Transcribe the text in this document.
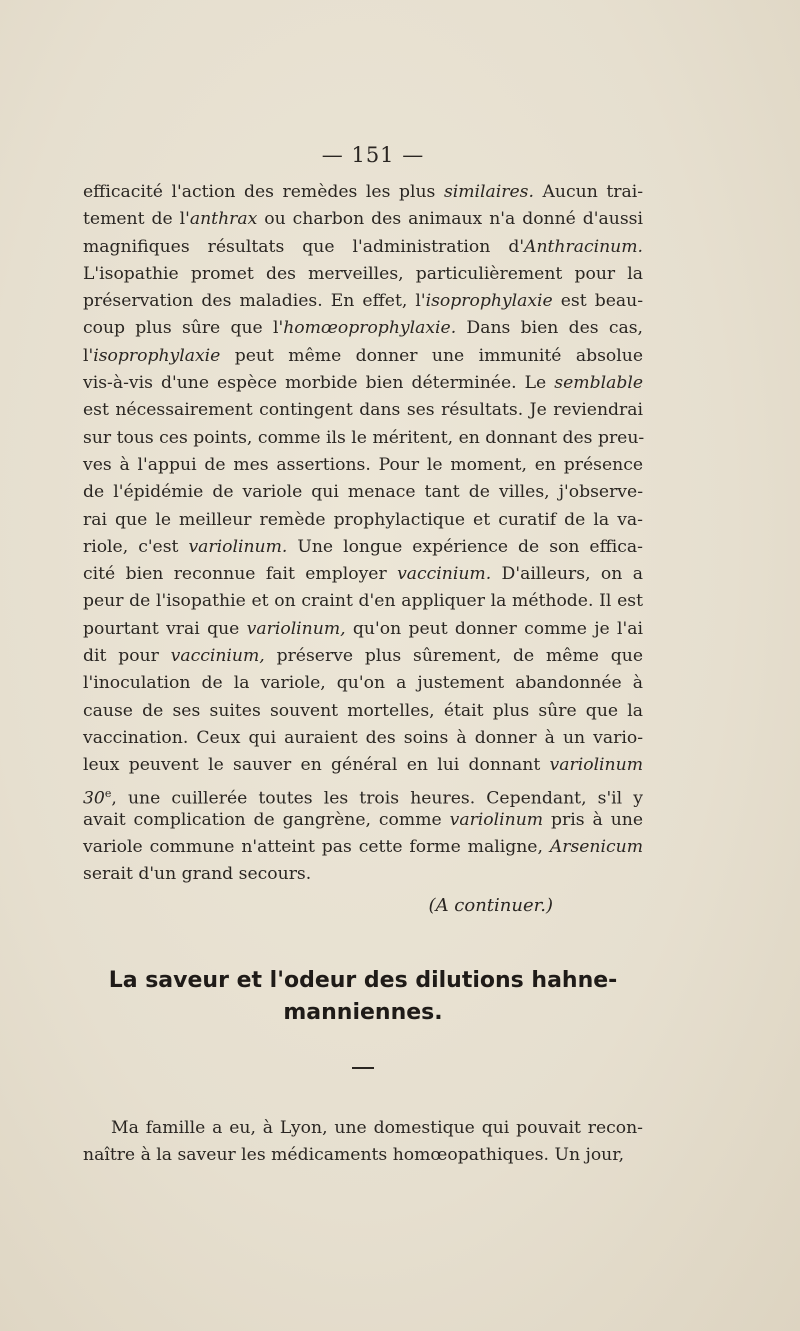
— 151 —
efficacité l'action des remèdes les plus similaires. Aucun trai-
tement de l'anthrax ou charbon des animaux n'a donné d'aussi
magnifiques résultats que l'administration d'Anthracinum.
L'isopathie promet des merveilles, particulièrement pour la
préservation des maladies. En effet, l'isoprophylaxie est beau-
coup plus sûre que l'homœoprophylaxie. Dans bien des cas,
l'isoprophylaxie peut même donner une immunité absolue
vis-à-vis d'une espèce morbide bien déterminée. Le semblable
est nécessairement contingent dans ses résultats. Je reviendrai
sur tous ces points, comme ils le méritent, en donnant des preu-
ves à l'appui de mes assertions. Pour le moment, en présence
de l'épidémie de variole qui menace tant de villes, j'observe-
rai que le meilleur remède prophylactique et curatif de la va-
riole, c'est variolinum. Une longue expérience de son effica-
cité bien reconnue fait employer vaccinium. D'ailleurs, on a
peur de l'isopathie et on craint d'en appliquer la méthode. Il est
pourtant vrai que variolinum, qu'on peut donner comme je l'ai
dit pour vaccinium, préserve plus sûrement, de même que
l'inoculation de la variole, qu'on a justement abandonnée à
cause de ses suites souvent mortelles, était plus sûre que la
vaccination. Ceux qui auraient des soins à donner à un vario-
leux peuvent le sauver en général en lui donnant variolinum
30e, une cuillerée toutes les trois heures. Cependant, s'il y
avait complication de gangrène, comme variolinum pris à une
variole commune n'atteint pas cette forme maligne, Arsenicum
serait d'un grand secours.
(A continuer.)
La saveur et l'odeur des dilutions hahne-
manniennes.
Ma famille a eu, à Lyon, une domestique qui pouvait recon-
naître à la saveur les médicaments homœopathiques. Un jour,
